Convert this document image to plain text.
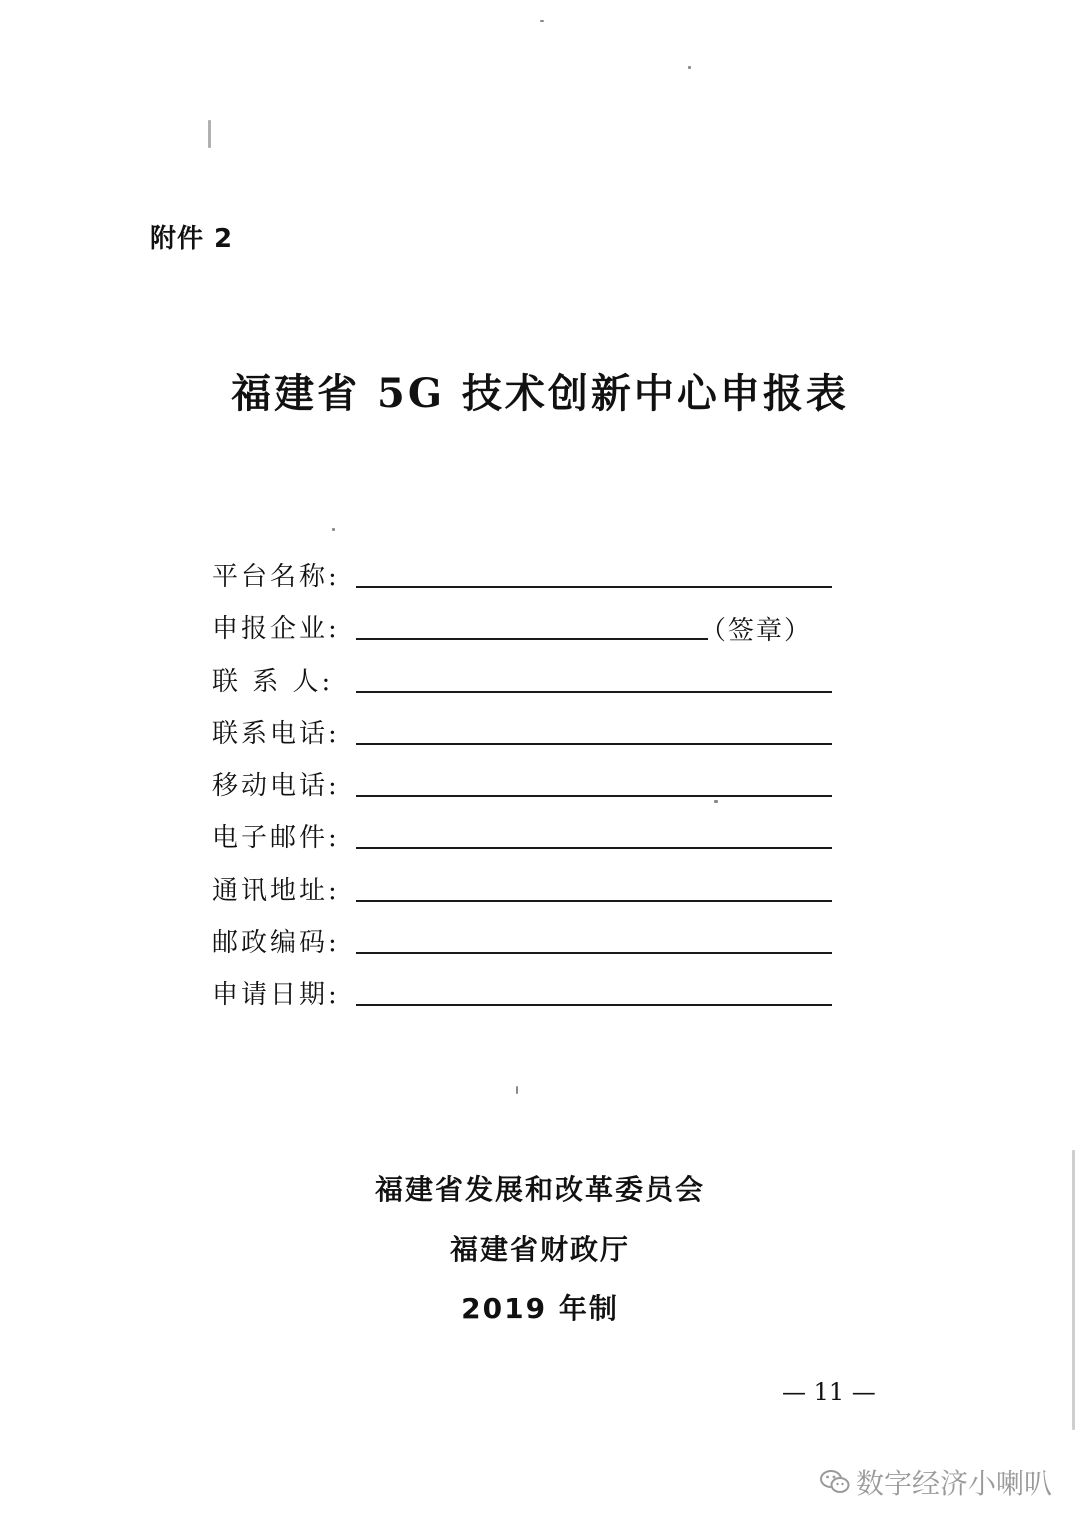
附件 2
福建省 5G 技术创新中心申报表
平台名称:
申报企业:	（签章）
联 系 人:
联系电话:
移动电话:
电子邮件:
通讯地址:
邮政编码:
申请日期:
福建省发展和改革委员会
福建省财政厅
2019 年制
— 11 —
数字经济小喇叭
